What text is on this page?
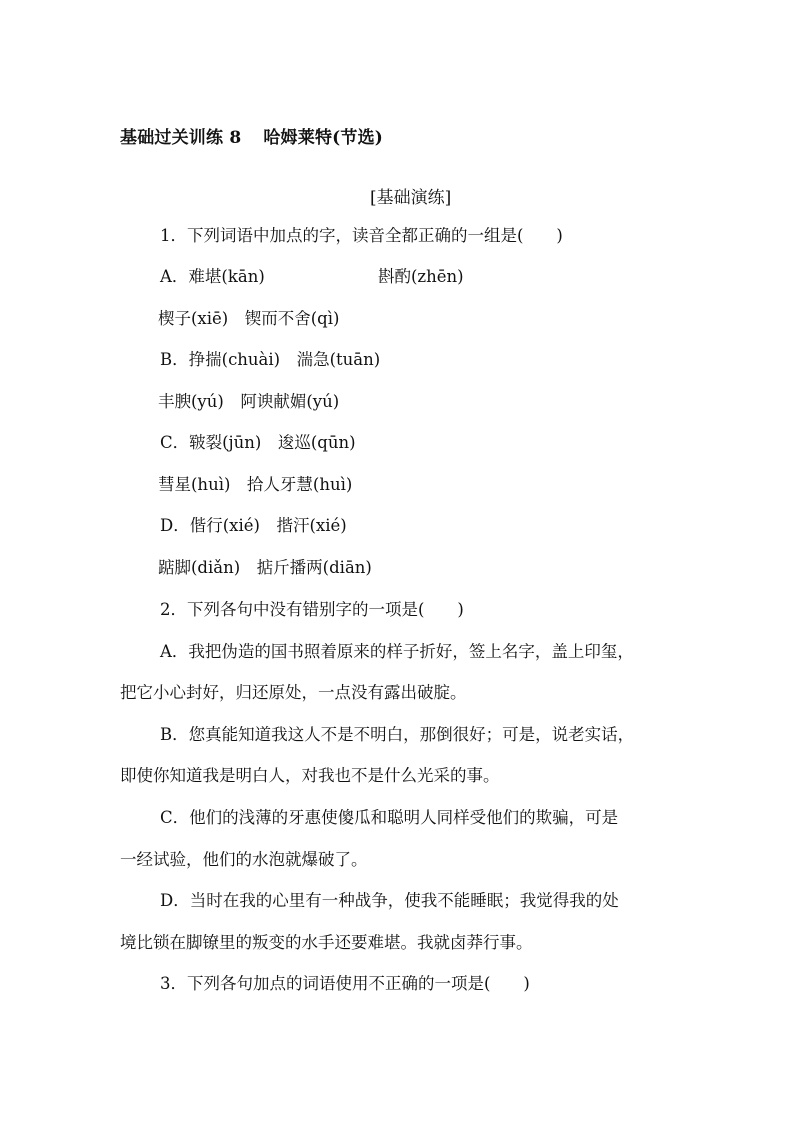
基础过关训练 8 哈姆莱特(节选)
[基础演练]
1．下列词语中加点的字，读音全都正确的一组是(　　)
A．难堪(kān)	斟酌(zhēn)
楔子(xiē)　锲而不舍(qì)
B．挣揣(chuài)　湍急(tuān)
丰腴(yú)　阿谀献媚(yú)
C．皲裂(jūn)　逡巡(qūn)
彗星(huì)　拾人牙慧(huì)
D．偕行(xié)　揩汗(xié)
踮脚(diǎn)　掂斤播两(diān)
2．下列各句中没有错别字的一项是(　　)
A．我把伪造的国书照着原来的样子折好，签上名字，盖上印玺，
把它小心封好，归还原处，一点没有露出破腚。
B．您真能知道我这人不是不明白，那倒很好；可是，说老实话，
即使你知道我是明白人，对我也不是什么光采的事。
C．他们的浅薄的牙惠使傻瓜和聪明人同样受他们的欺骗，可是
一经试验，他们的水泡就爆破了。
D．当时在我的心里有一种战争，使我不能睡眠；我觉得我的处
境比锁在脚镣里的叛变的水手还要难堪。我就卤莽行事。
3．下列各句加点的词语使用不正确的一项是(　　)
